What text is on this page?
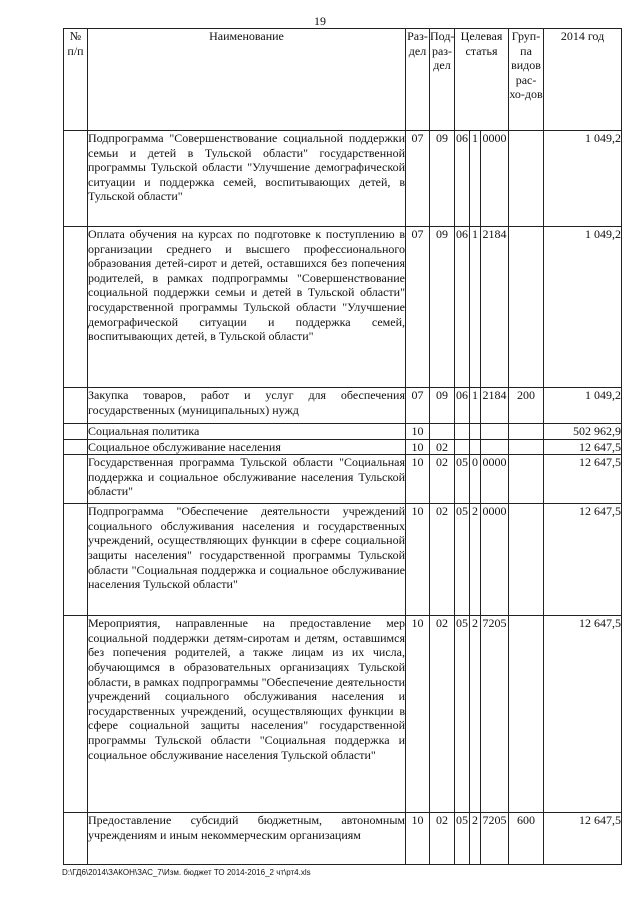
19
№ п/п	Наименование	Раз-дел	Под-раз-дел	Целевая статья			Груп-па видов рас-хо-дов	2014 год
	Подпрограмма "Совершенствование социальной поддержки семьи и детей в Тульской области" государственной программы Тульской области "Улучшение демографической ситуации и поддержка семей, воспитывающих детей, в Тульской области"	07	09	06	1	0000		1 049,2
	Оплата обучения на курсах по подготовке к поступлению в организации среднего и высшего профессионального образования детей-сирот и детей, оставшихся без попечения родителей, в рамках подпрограммы "Совершенствование социальной поддержки семьи и детей в Тульской области" государственной программы Тульской области "Улучшение демографической ситуации и поддержка семей, воспитывающих детей, в Тульской области"	07	09	06	1	2184		1 049,2
	Закупка товаров, работ и услуг для обеспечения государственных (муниципальных) нужд	07	09	06	1	2184	200	1 049,2
	Социальная политика	10						502 962,9
	Социальное обслуживание населения	10	02					12 647,5
	Государственная программа Тульской области "Социальная поддержка и социальное обслуживание населения Тульской области"	10	02	05	0	0000		12 647,5
	Подпрограмма "Обеспечение деятельности учреждений социального обслуживания населения и государственных учреждений, осуществляющих функции в сфере социальной защиты населения" государственной программы Тульской области "Социальная поддержка и социальное обслуживание населения Тульской области"	10	02	05	2	0000		12 647,5
	Мероприятия, направленные на предоставление мер социальной поддержки детям-сиротам и детям, оставшимся без попечения родителей, а также лицам из их числа, обучающимся в образовательных организациях Тульской области, в рамках подпрограммы "Обеспечение деятельности учреждений социального обслуживания населения и государственных учреждений, осуществляющих функции в сфере социальной защиты населения" государственной программы Тульской области "Социальная поддержка и социальное обслуживание населения Тульской области"	10	02	05	2	7205		12 647,5
	Предоставление субсидий бюджетным, автономным учреждениям и иным некоммерческим организациям	10	02	05	2	7205	600	12 647,5
D:\ГД6\2014\ЗАКОН\ЗАС_7\Изм. бюджет ТО 2014-2016_2 чт\рт4.xls
